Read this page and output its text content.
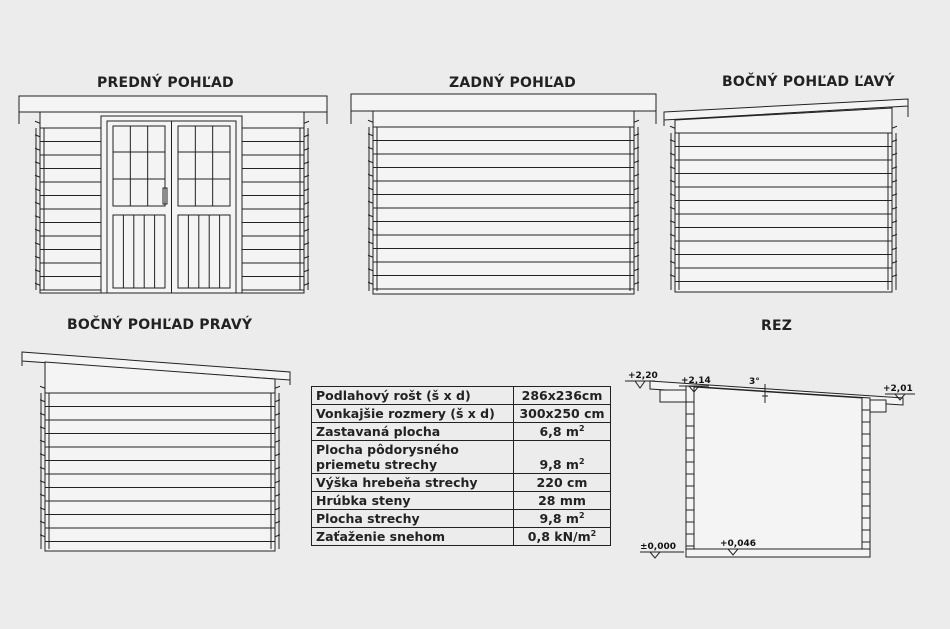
PREDNÝ POHĽAD	ZADNÝ POHĽAD	BOČNÝ POHĽAD ĽAVÝ
BOČNÝ POHĽAD PRAVÝ	REZ
+2,20	+2,14
+2,01
3°
±0,000	+0,046
Podlahový rošt (š x d)	286x236cm
Vonkajšie rozmery (š x d)	300x250 cm
Zastavaná plocha	6,8 $m^2$
Plocha pôdorysného
priemetu strechy	9,8 $m^2$
Výška hrebeňa strechy	220 cm
Hrúbka steny	28 mm
Plocha strechy	9,8 $m^2$
Zaťaženie snehom	0,8 $kN/m^2$
